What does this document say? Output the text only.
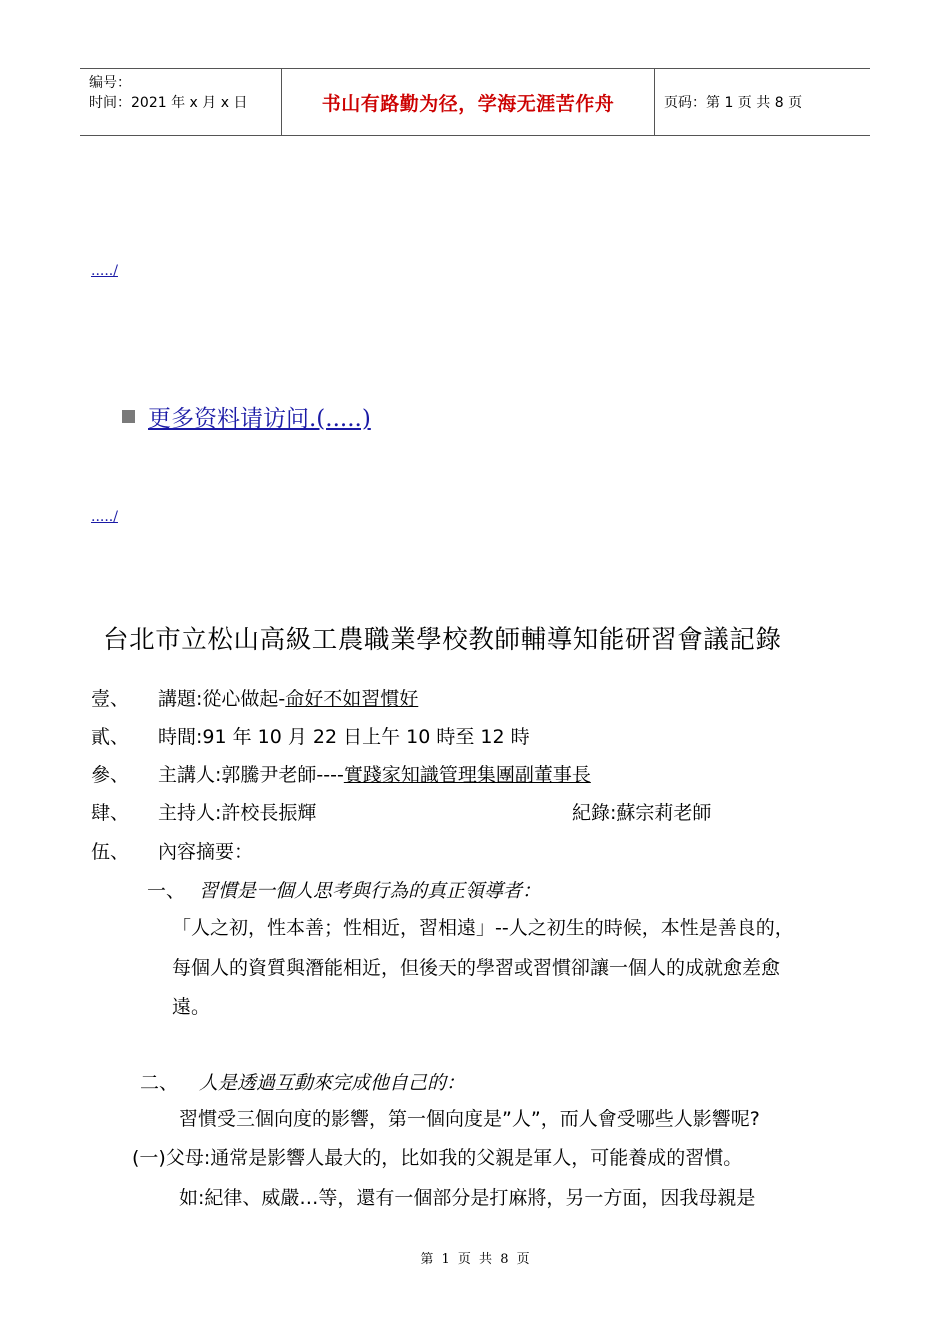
编号：
时间：2021 年 x 月 x 日	书山有路勤为径，学海无涯苦作舟	页码：第 1 页 共 8 页
...../
更多资料请访问.(.....)
...../
台北市立松山高級工農職業學校教師輔導知能研習會議記錄
壹、 講題:從心做起-命好不如習慣好
貳、 時間:91 年 10 月 22 日上午 10 時至 12 時
參、 主講人:郭騰尹老師----實踐家知識管理集團副董事長
肆、 主持人:許校長振輝	紀錄:蘇宗莉老師
伍、 內容摘要：
一、 習慣是一個人思考與行為的真正領導者：
「人之初，性本善；性相近，習相遠」--人之初生的時候，本性是善良的，
每個人的資質與潛能相近，但後天的學習或習慣卻讓一個人的成就愈差愈
遠。
二、 人是透過互動來完成他自己的：
習慣受三個向度的影響，第一個向度是”人”，而人會受哪些人影響呢?
(一)父母:通常是影響人最大的，比如我的父親是軍人，可能養成的習慣。
如:紀律、威嚴…等，還有一個部分是打麻將，另一方面，因我母親是
第 1 页 共 8 页
